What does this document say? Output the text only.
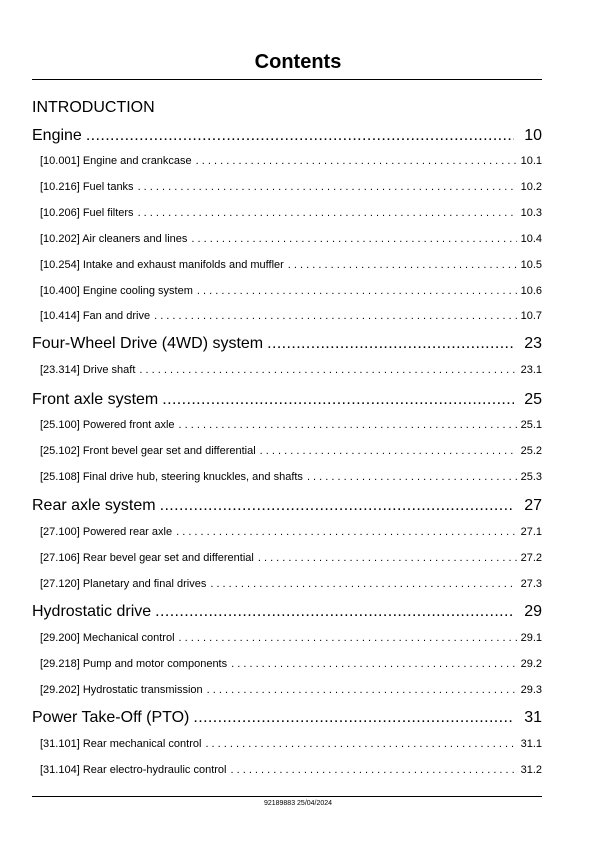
Contents
INTRODUCTION
Engine .....	10
[10.001] Engine and crankcase . . .	10.1
[10.216] Fuel tanks . . .	10.2
[10.206] Fuel filters . . .	10.3
[10.202] Air cleaners and lines . . .	10.4
[10.254] Intake and exhaust manifolds and muffler . . .	10.5
[10.400] Engine cooling system . . .	10.6
[10.414] Fan and drive . . .	10.7
Four-Wheel Drive (4WD) system .....	23
[23.314] Drive shaft . . .	23.1
Front axle system .....	25
[25.100] Powered front axle . . .	25.1
[25.102] Front bevel gear set and differential . . .	25.2
[25.108] Final drive hub, steering knuckles, and shafts . . .	25.3
Rear axle system .....	27
[27.100] Powered rear axle . . .	27.1
[27.106] Rear bevel gear set and differential . . .	27.2
[27.120] Planetary and final drives . . .	27.3
Hydrostatic drive .....	29
[29.200] Mechanical control . . .	29.1
[29.218] Pump and motor components . . .	29.2
[29.202] Hydrostatic transmission . . .	29.3
Power Take-Off (PTO) .....	31
[31.101] Rear mechanical control . . .	31.1
[31.104] Rear electro-hydraulic control . . .	31.2
92189883 25/04/2024
